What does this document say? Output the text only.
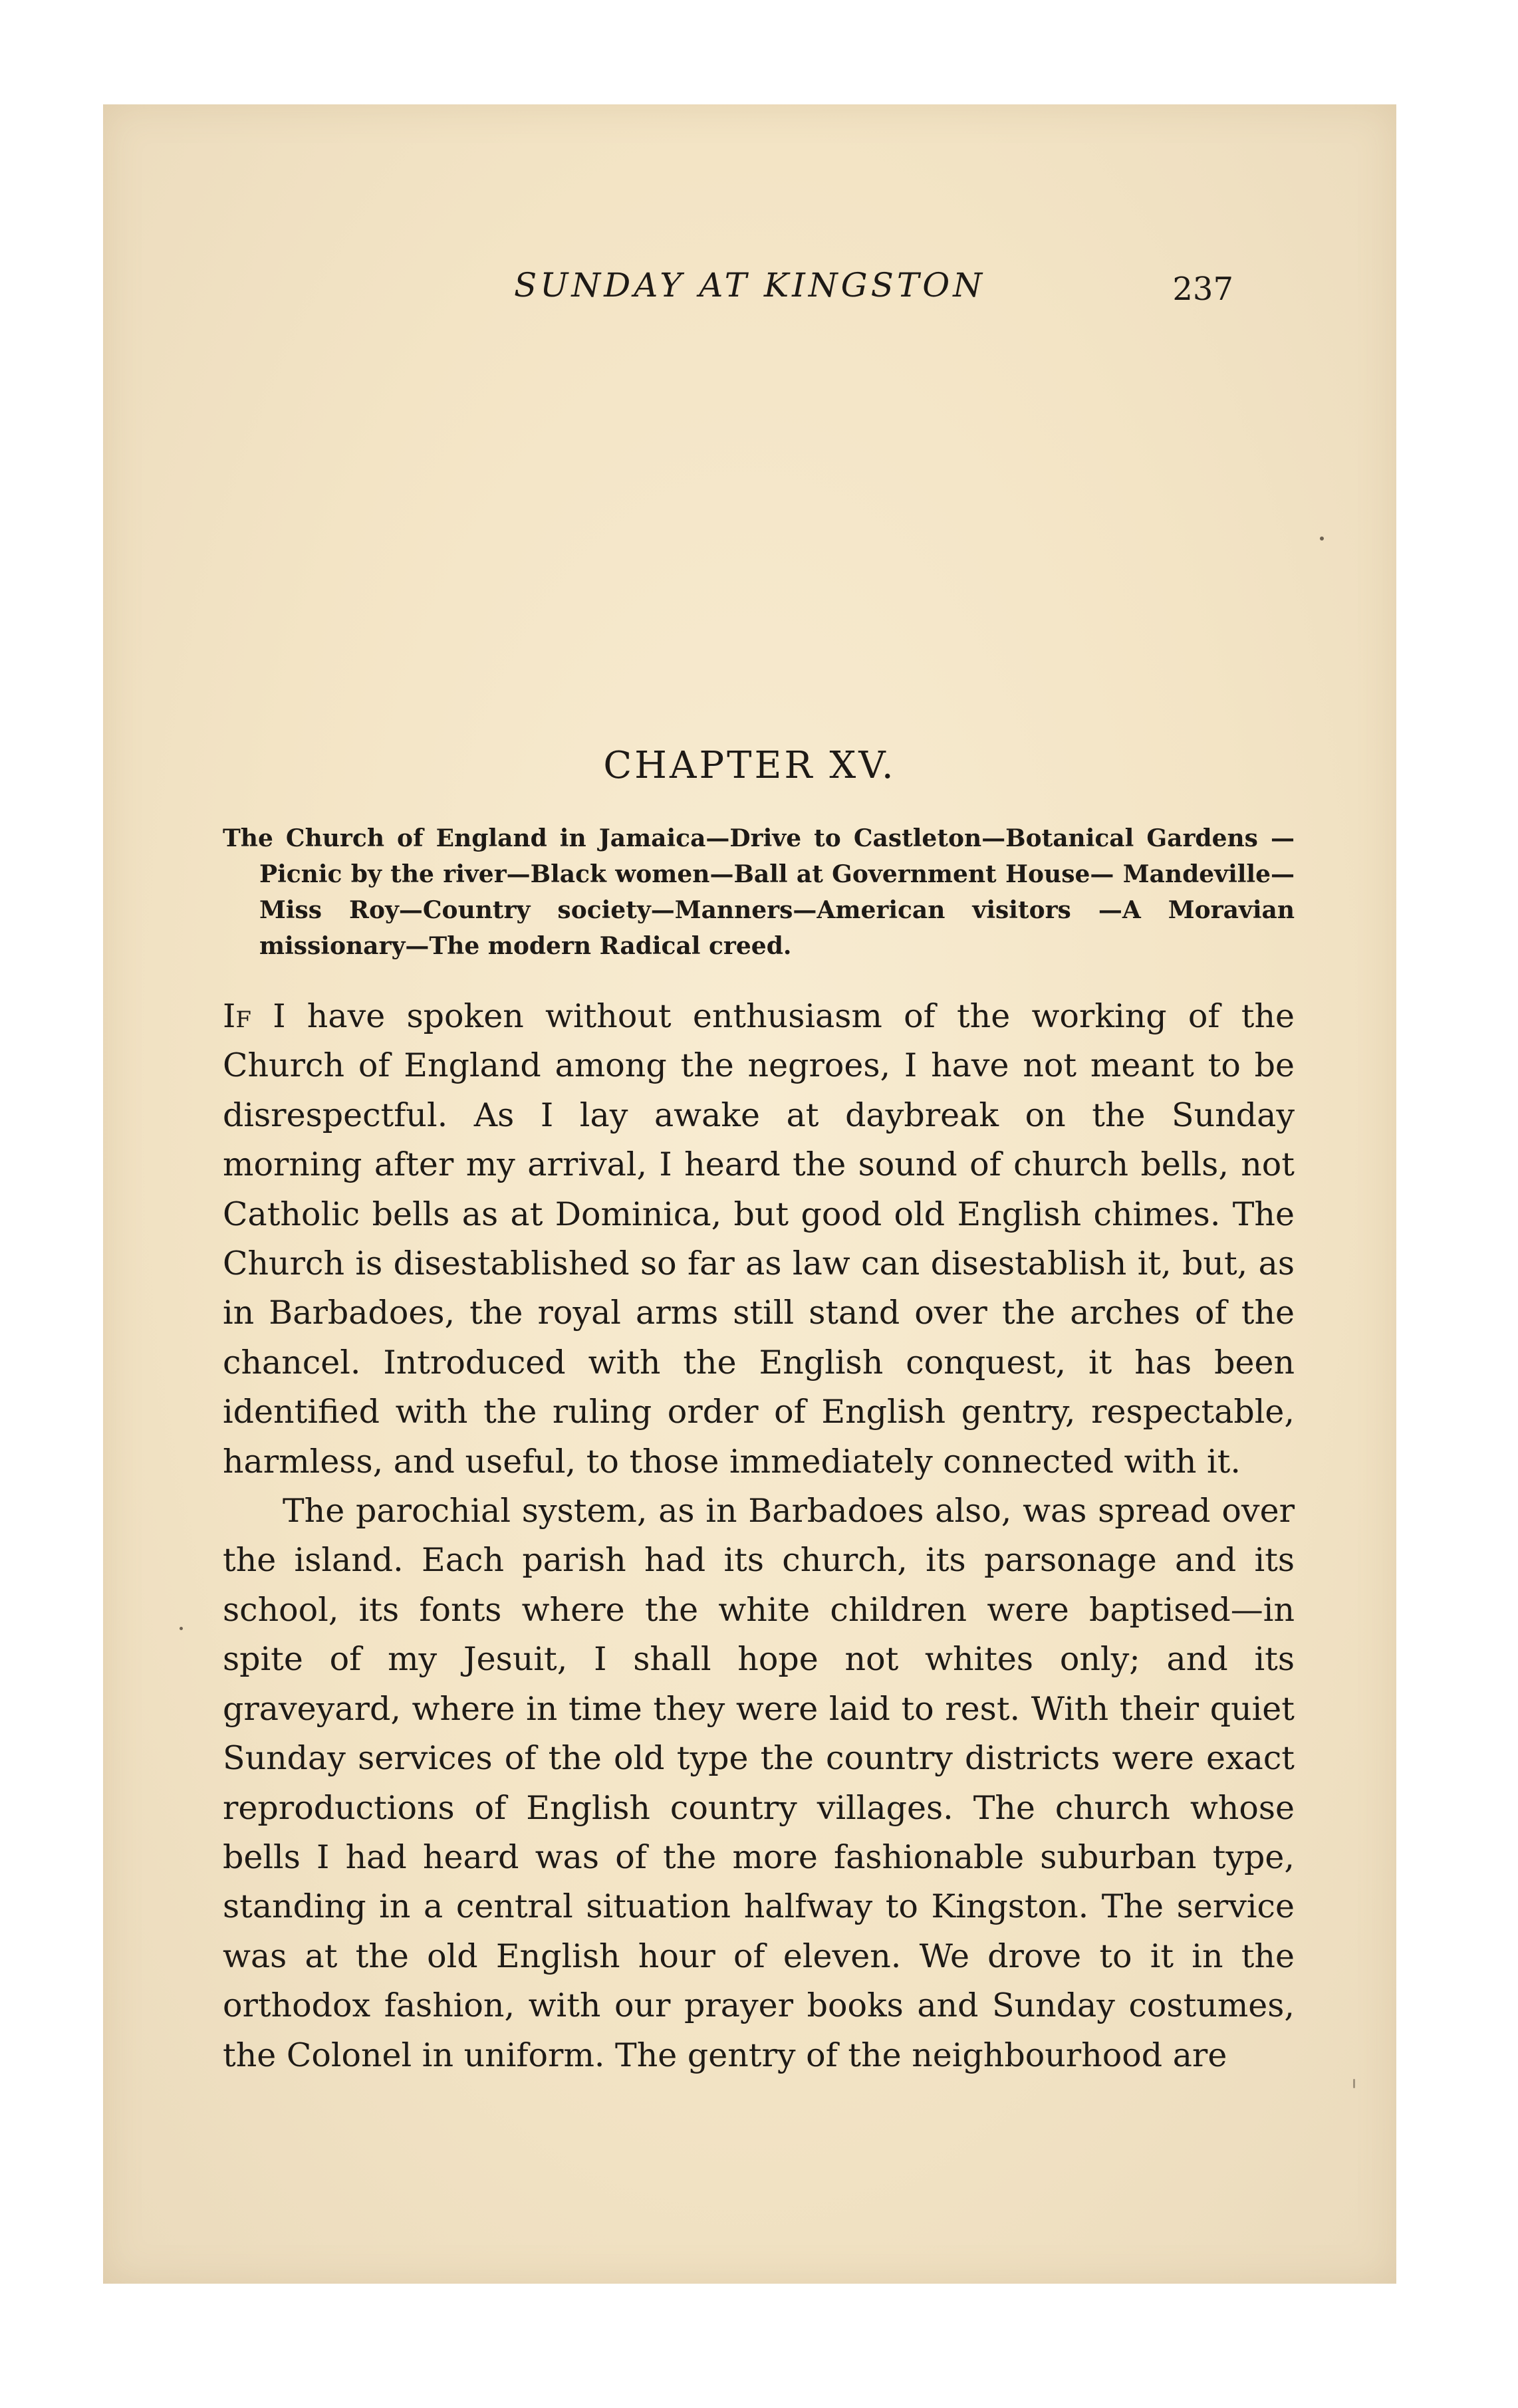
SUNDAY AT KINGSTON	237
CHAPTER XV.
The Church of England in Jamaica—Drive to Castleton—Botanical Gardens —Picnic by the river—Black women—Ball at Government House— Mandeville—Miss Roy—Country society—Manners—American visitors —A Moravian missionary—The modern Radical creed.

If I have spoken without enthusiasm of the working of the Church of England among the negroes, I have not meant to be disrespectful. As I lay awake at daybreak on the Sunday morning after my arrival, I heard the sound of church bells, not Catholic bells as at Dominica, but good old English chimes. The Church is disestablished so far as law can disestablish it, but, as in Barbadoes, the royal arms still stand over the arches of the chancel. Introduced with the English conquest, it has been identified with the ruling order of English gentry, respectable, harmless, and useful, to those immediately connected with it.

The parochial system, as in Barbadoes also, was spread over the island. Each parish had its church, its parsonage and its school, its fonts where the white children were baptised—in spite of my Jesuit, I shall hope not whites only; and its graveyard, where in time they were laid to rest. With their quiet Sunday services of the old type the country districts were exact reproductions of English country villages. The church whose bells I had heard was of the more fashionable suburban type, standing in a central situation halfway to Kingston. The service was at the old English hour of eleven. We drove to it in the orthodox fashion, with our prayer books and Sunday costumes, the Colonel in uniform. The gentry of the neighbourhood are
